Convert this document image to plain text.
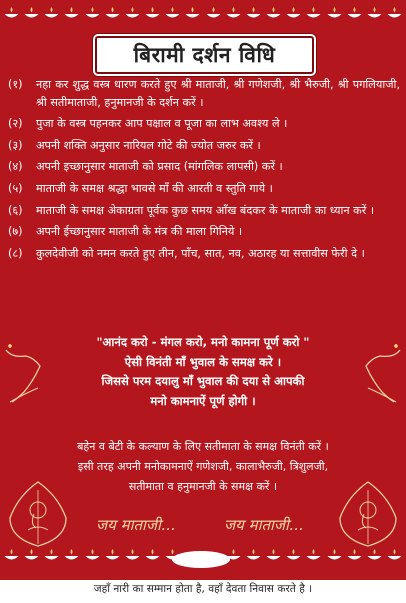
बिरामी दर्शन विधि
(१)	नहा कर शुद्ध वस्त्र धारण करते हुए श्री माताजी, श्री गणेशजी, श्री भैरुजी, श्री पगलियाजी, श्री सतीमाताजी, हनुमानजी के दर्शन करें ।
(२)	पुजा के वस्त्र पहनकर आप पक्षाल व पूजा का लाभ अवश्य ले ।
(३)	अपनी शक्ति अनुसार नारियल गोटे की ज्योत जरुर करें ।
(४)	अपनी इच्छानुसार माताजी को प्रसाद (मांगलिक लापसी) करें ।
(५)	माताजी के समक्ष श्रद्धा भावसे माँ की आरती व स्तुति गाये ।
(६)	माताजी के समक्ष अेकाग्रता पूर्वक कुछ समय आँख बंदकर के माताजी का ध्यान करें ।
(७)	अपनी ईच्छानुसार माताजी के मंत्र की माला गिनिये ।
(८)	कुलदेवीजी को नमन करते हुए तीन, पाँच, सात, नव, अठारह या सत्तावीस फेरी दे ।
"आनंद करो - मंगल करो, मनो कामना पूर्ण करो "
ऐसी विनंती माँ भुवाल के समक्ष करे ।
जिससे परम दयालु माँ भुवाल की दया से आपकी
मनो कामनाऐं पूर्ण होगी ।
बहेन व बेटी के कल्याण के लिए सतीमाता के समक्ष विनंती करें ।
इसी तरह अपनी मनोकामनाऐं गणेशजी, कालाभैरुजी, त्रिशुलजी,
सतीमाता व हनुमानजी के समक्ष करें ।
जय माताजी...	जय माताजी...
जहाँ नारी का सम्मान होता है, वहाँ देवता निवास करते है ।
